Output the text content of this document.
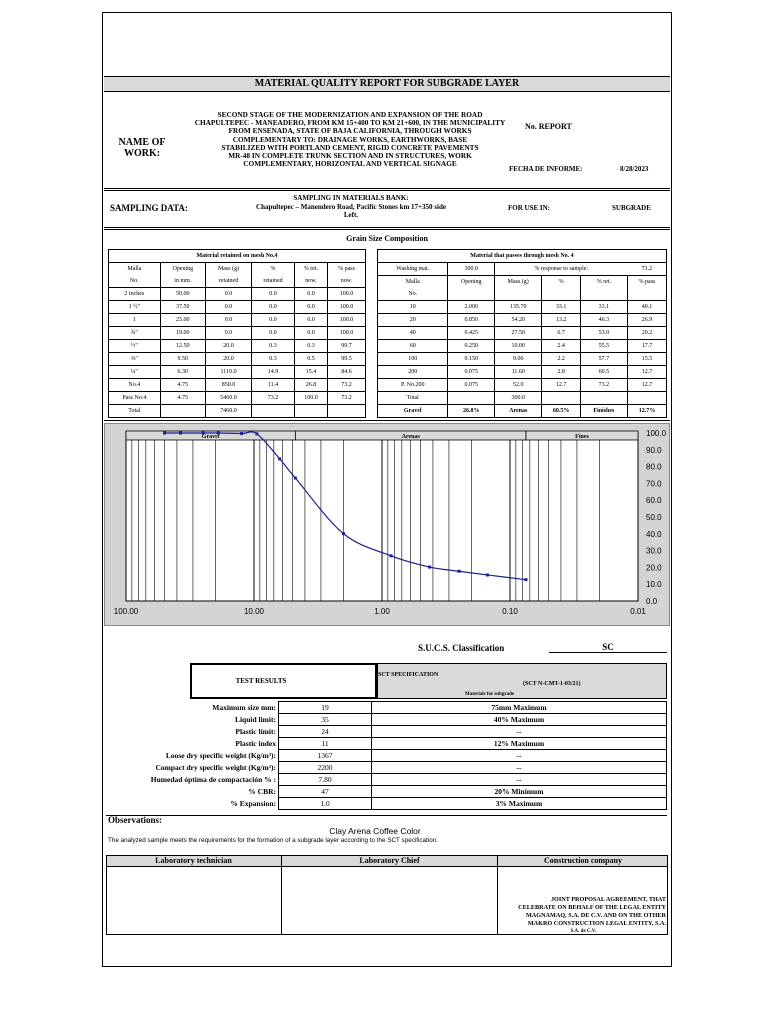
MATERIAL QUALITY REPORT FOR SUBGRADE LAYER
NAME OF
WORK:
SECOND STAGE OF THE MODERNIZATION AND EXPANSION OF THE ROAD
CHAPULTEPEC - MANEADERO, FROM KM 15+400 TO KM 21+600, IN THE MUNICIPALITY
FROM ENSENADA, STATE OF BAJA CALIFORNIA, THROUGH WORKS
COMPLEMENTARY TO: DRAINAGE WORKS, EARTHWORKS, BASE
STABILIZED WITH PORTLAND CEMENT, RIGID CONCRETE PAVEMENTS
MR-48 IN COMPLETE TRUNK SECTION AND IN STRUCTURES, WORK
COMPLEMENTARY, HORIZONTAL AND VERTICAL SIGNAGE
No. REPORT
FECHA DE INFORME:	8/28/2023
SAMPLING DATA:
SAMPLING IN MATERIALS BANK:
Chapultepec – Manendero Road, Pacific Stones km 17+350 side
Left.
FOR USE IN:	SUBGRADE
Grain Size Composition
Material retained on mesh No.4					
Malla	Opening	Mass (g)	%	% ret.	% pass
No.	in mm.	retained	retained	now.	now.
2 inches	50.00	0.0	0.0	0.0	100.0
1 ½"	37.50	0.0	0.0	0.0	100.0
1	25.00	0.0	0.0	0.0	100.0
¾"	19.00	0.0	0.0	0.0	100.0
½"	12.50	20.0	0.3	0.3	99.7
⅜"	9.50	20.0	0.3	0.5	99.5
¼"	6.30	1110.0	14.9	15.4	84.6
No.4	4.75	850.0	11.4	26.8	73.2
Pass No.4	4.75	5460.0	73.2	100.0	73.2
Total		7460.0			
Material that passes through mesh No. 4					
Washing mat.	300.0	% response to sample:			73.2
Malla	Opening	Mass (g)	%	% ret.	% pass
No.					
10	2.000	135.70	33.1	33.1	40.1
20	0.850	54.20	13.2	46.3	26.9
40	0.425	27.50	6.7	53.0	20.2
60	0.250	10.00	2.4	55.5	17.7
100	0.150	9.00	2.2	57.7	15.5
200	0.075	11.60	2.8	60.5	12.7
P. No.200	0.075	52.0	12.7	73.2	12.7
Total		300.0			
Gravel	26.8%	Arenas	60.5%	Finishes	12.7%
Gravel	Arenas	Fines
0.0
10.0
20.0
30.0
40.0
50.0
60.0
70.0
80.0
90.0
100.0
100.00	10.00	1.00	0.10	0.01
S.U.C.S. Classification	SC
TEST RESULTS
SCT SPECIFICATION
(SCT N-CMT-1-03/21)
Materials for subgrade
Maximum size mm:	19	75mm Maximum
Liquid limit:	35	40% Maximum
Plastic limit:	24	--
Plastic index	11	12% Maximum
Loose dry specific weight (Kg/m³):	1367	--
Compact dry specific weight (Kg/m³):	2200	--
Humedad óptima de compactación % :	7.80	--
% CBR:	47	20% Minimum
% Expansion:	1.0	3% Maximum
Observations:
Clay Arena Coffee Color
The analyzed sample meets the requirements for the formation of a subgrade layer according to the SCT specification.
Laboratory technician	Laboratory Chief	Construction company
JOINT PROPOSAL AGREEMENT, THAT
CELEBRATE ON BEHALF OF THE LEGAL ENTITY
MAGNAMAQ, S.A. DE C.V. AND ON THE OTHER
MAKRO CONSTRUCTION LEGAL ENTITY, S.A.
S.A. de C.V.
